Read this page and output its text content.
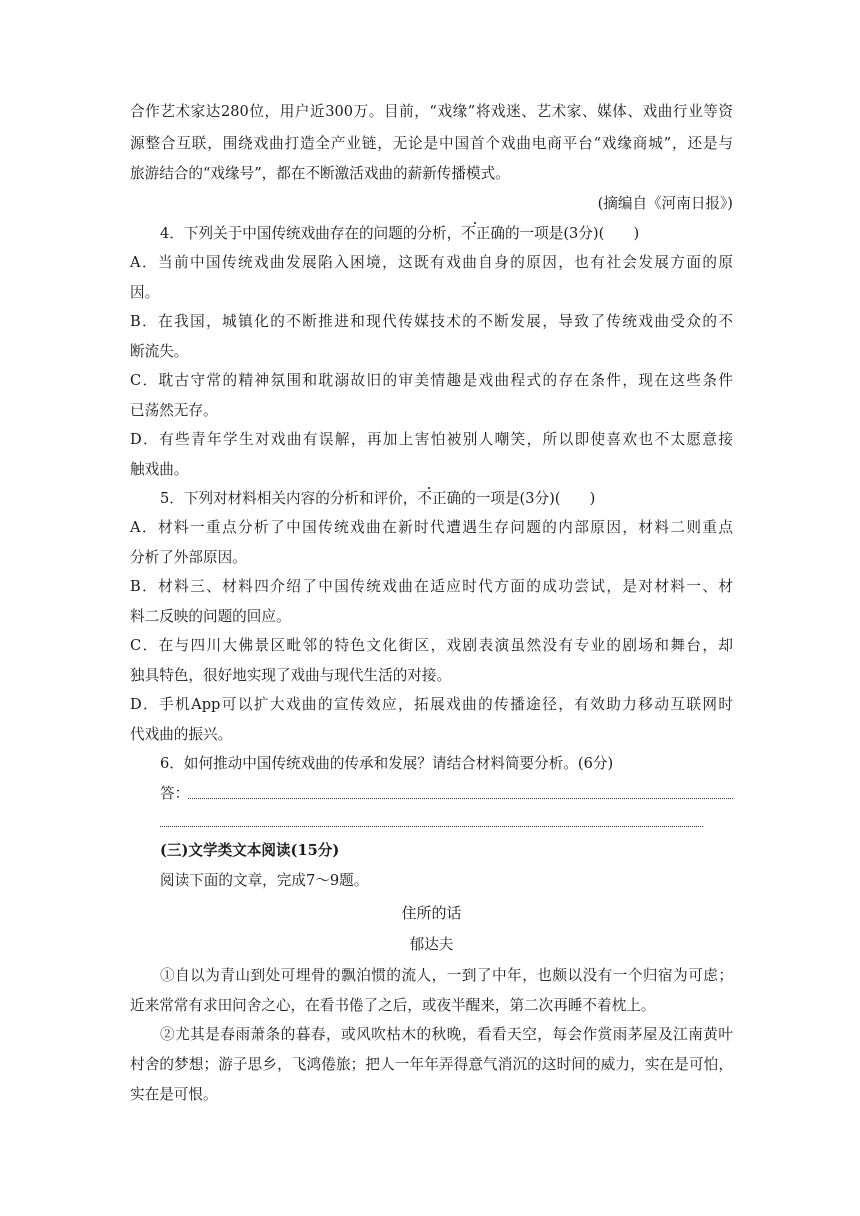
合作艺术家达280位，用户近300万。目前，“戏缘”将戏迷、艺术家、媒体、戏曲行业等资
源整合互联，围绕戏曲打造全产业链，无论是中国首个戏曲电商平台“戏缘商城”，还是与
旅游结合的“戏缘号”，都在不断激活戏曲的薪新传播模式。
(摘编自《河南日报》)
4．下列关于中国传统戏曲存在的问题的分析，不正确的一项是(3分)(　　)
A．当前中国传统戏曲发展陷入困境，这既有戏曲自身的原因，也有社会发展方面的原
因。
B．在我国，城镇化的不断推进和现代传媒技术的不断发展，导致了传统戏曲受众的不
断流失。
C．耽古守常的精神氛围和耽溺故旧的审美情趣是戏曲程式的存在条件，现在这些条件
已荡然无存。
D．有些青年学生对戏曲有误解，再加上害怕被别人嘲笑，所以即使喜欢也不太愿意接
触戏曲。
5．下列对材料相关内容的分析和评价，不正确的一项是(3分)(　　)
A．材料一重点分析了中国传统戏曲在新时代遭遇生存问题的内部原因，材料二则重点
分析了外部原因。
B．材料三、材料四介绍了中国传统戏曲在适应时代方面的成功尝试，是对材料一、材
料二反映的问题的回应。
C．在与四川大佛景区毗邻的特色文化街区，戏剧表演虽然没有专业的剧场和舞台，却
独具特色，很好地实现了戏曲与现代生活的对接。
D．手机App可以扩大戏曲的宣传效应，拓展戏曲的传播途径，有效助力移动互联网时
代戏曲的振兴。
6．如何推动中国传统戏曲的传承和发展？请结合材料简要分析。(6分)
答：
(三)文学类文本阅读(15分)
阅读下面的文章，完成7～9题。
住所的话
郁达夫
①自以为青山到处可埋骨的飘泊惯的流人，一到了中年，也颇以没有一个归宿为可虑；
近来常常有求田问舍之心，在看书倦了之后，或夜半醒来，第二次再睡不着枕上。
②尤其是春雨萧条的暮春，或风吹枯木的秋晚，看看天空，每会作赏雨茅屋及江南黄叶
村舍的梦想；游子思乡，飞鸿倦旅；把人一年年弄得意气消沉的这时间的威力，实在是可怕，
实在是可恨。
